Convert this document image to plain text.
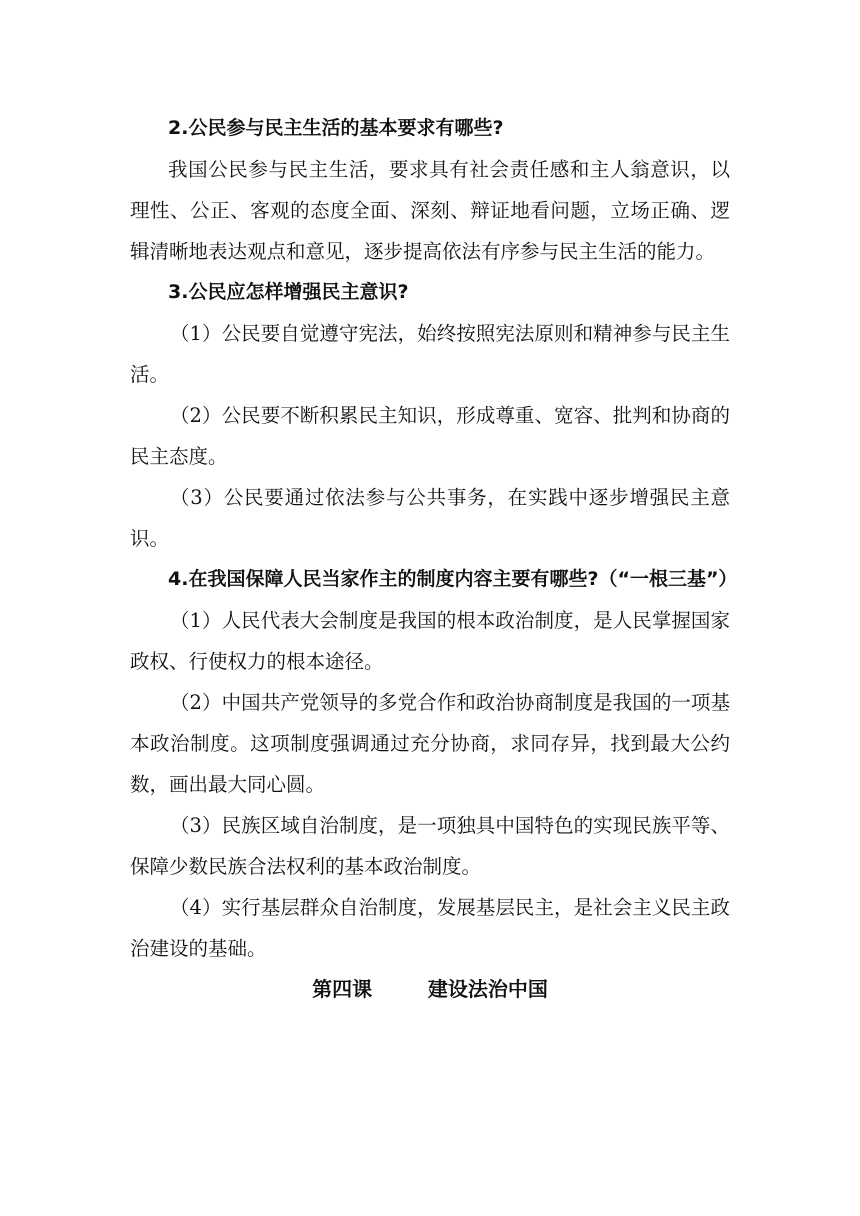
2.公民参与民主生活的基本要求有哪些?

我国公民参与民主生活，要求具有社会责任感和主人翁意识，以理性、公正、客观的态度全面、深刻、辩证地看问题，立场正确、逻辑清晰地表达观点和意见，逐步提高依法有序参与民主生活的能力。

3.公民应怎样增强民主意识?

（1）公民要自觉遵守宪法，始终按照宪法原则和精神参与民主生活。

（2）公民要不断积累民主知识，形成尊重、宽容、批判和协商的民主态度。

（3）公民要通过依法参与公共事务，在实践中逐步增强民主意识。

4.在我国保障人民当家作主的制度内容主要有哪些?（“一根三基”）

（1）人民代表大会制度是我国的根本政治制度，是人民掌握国家政权、行使权力的根本途径。

（2）中国共产党领导的多党合作和政治协商制度是我国的一项基本政治制度。这项制度强调通过充分协商，求同存异，找到最大公约数，画出最大同心圆。

（3）民族区域自治制度，是一项独具中国特色的实现民族平等、保障少数民族合法权利的基本政治制度。

（4）实行基层群众自治制度，发展基层民主，是社会主义民主政治建设的基础。

第四课        建设法治中国
